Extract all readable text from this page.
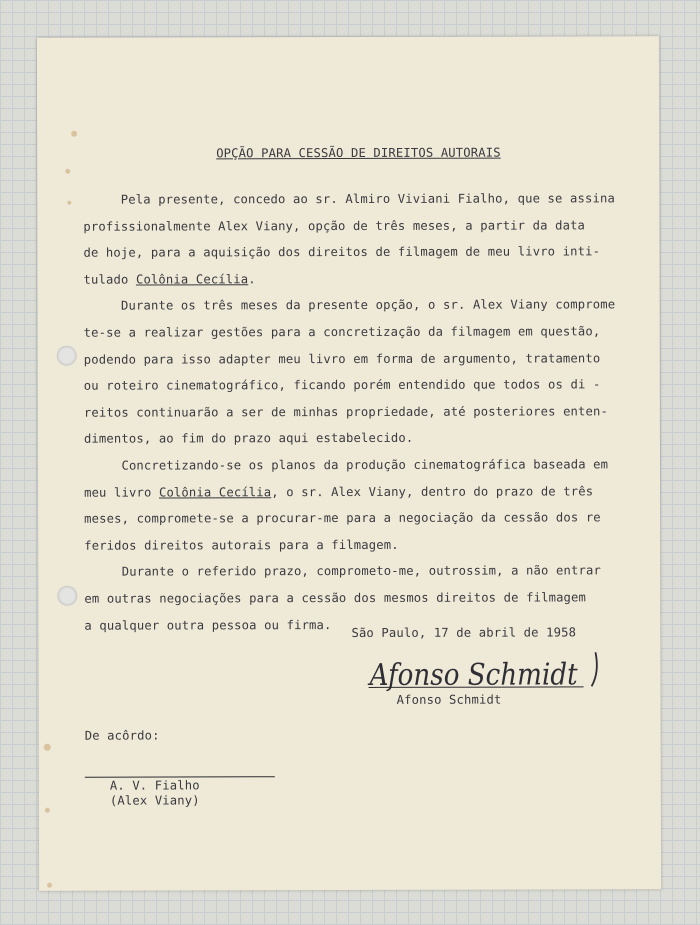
OPÇÃO PARA CESSÃO DE DIREITOS AUTORAIS
Pela presente, concedo ao sr. Almiro Viviani Fialho, que se assina
profissionalmente Alex Viany, opção de três meses, a partir da data
de hoje, para a aquisição dos direitos de filmagem de meu livro inti-
tulado Colônia Cecília.
Durante os três meses da presente opção, o sr. Alex Viany comprome
te-se a realizar gestões para a concretização da filmagem em questão,
podendo para isso adapter meu livro em forma de argumento, tratamento
ou roteiro cinematográfico, ficando porém entendido que todos os di -
reitos continuarão a ser de minhas propriedade, até posteriores enten-
dimentos, ao fim do prazo aqui estabelecido.
Concretizando-se os planos da produção cinematográfica baseada em
meu livro Colônia Cecília, o sr. Alex Viany, dentro do prazo de três
meses, compromete-se a procurar-me para a negociação da cessão dos re
feridos direitos autorais para a filmagem.
Durante o referido prazo, comprometo-me, outrossim, a não entrar
em outras negociações para a cessão dos mesmos direitos de filmagem
a qualquer outra pessoa ou firma.
São Paulo, 17 de abril de 1958
Afonso Schmidt
Afonso Schmidt
De acôrdo:
A. V. Fialho
(Alex Viany)
